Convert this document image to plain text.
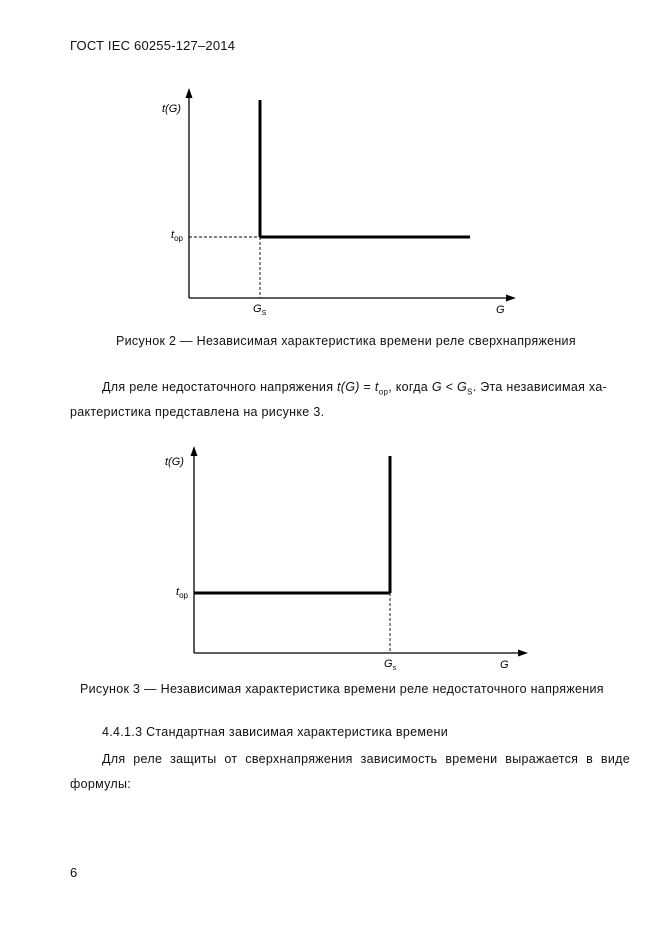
ГОСТ IEC 60255-127–2014
t(G)
$t_{op}$
$G_S$	G
Рисунок 2 — Независимая характеристика времени реле сверхнапряжения
Для реле недостаточного напряжения $t(G) = t_{op}$, когда $G < G_S$. Эта независимая ха-
рактеристика представлена на рисунке 3.
t(G)
$t_{op}$
$G_s$	G
Рисунок 3 — Независимая характеристика времени реле недостаточного напряжения
4.4.1.3 Стандартная зависимая характеристика времени
Для реле защиты от сверхнапряжения зависимость времени выражается в виде
формулы:
6
